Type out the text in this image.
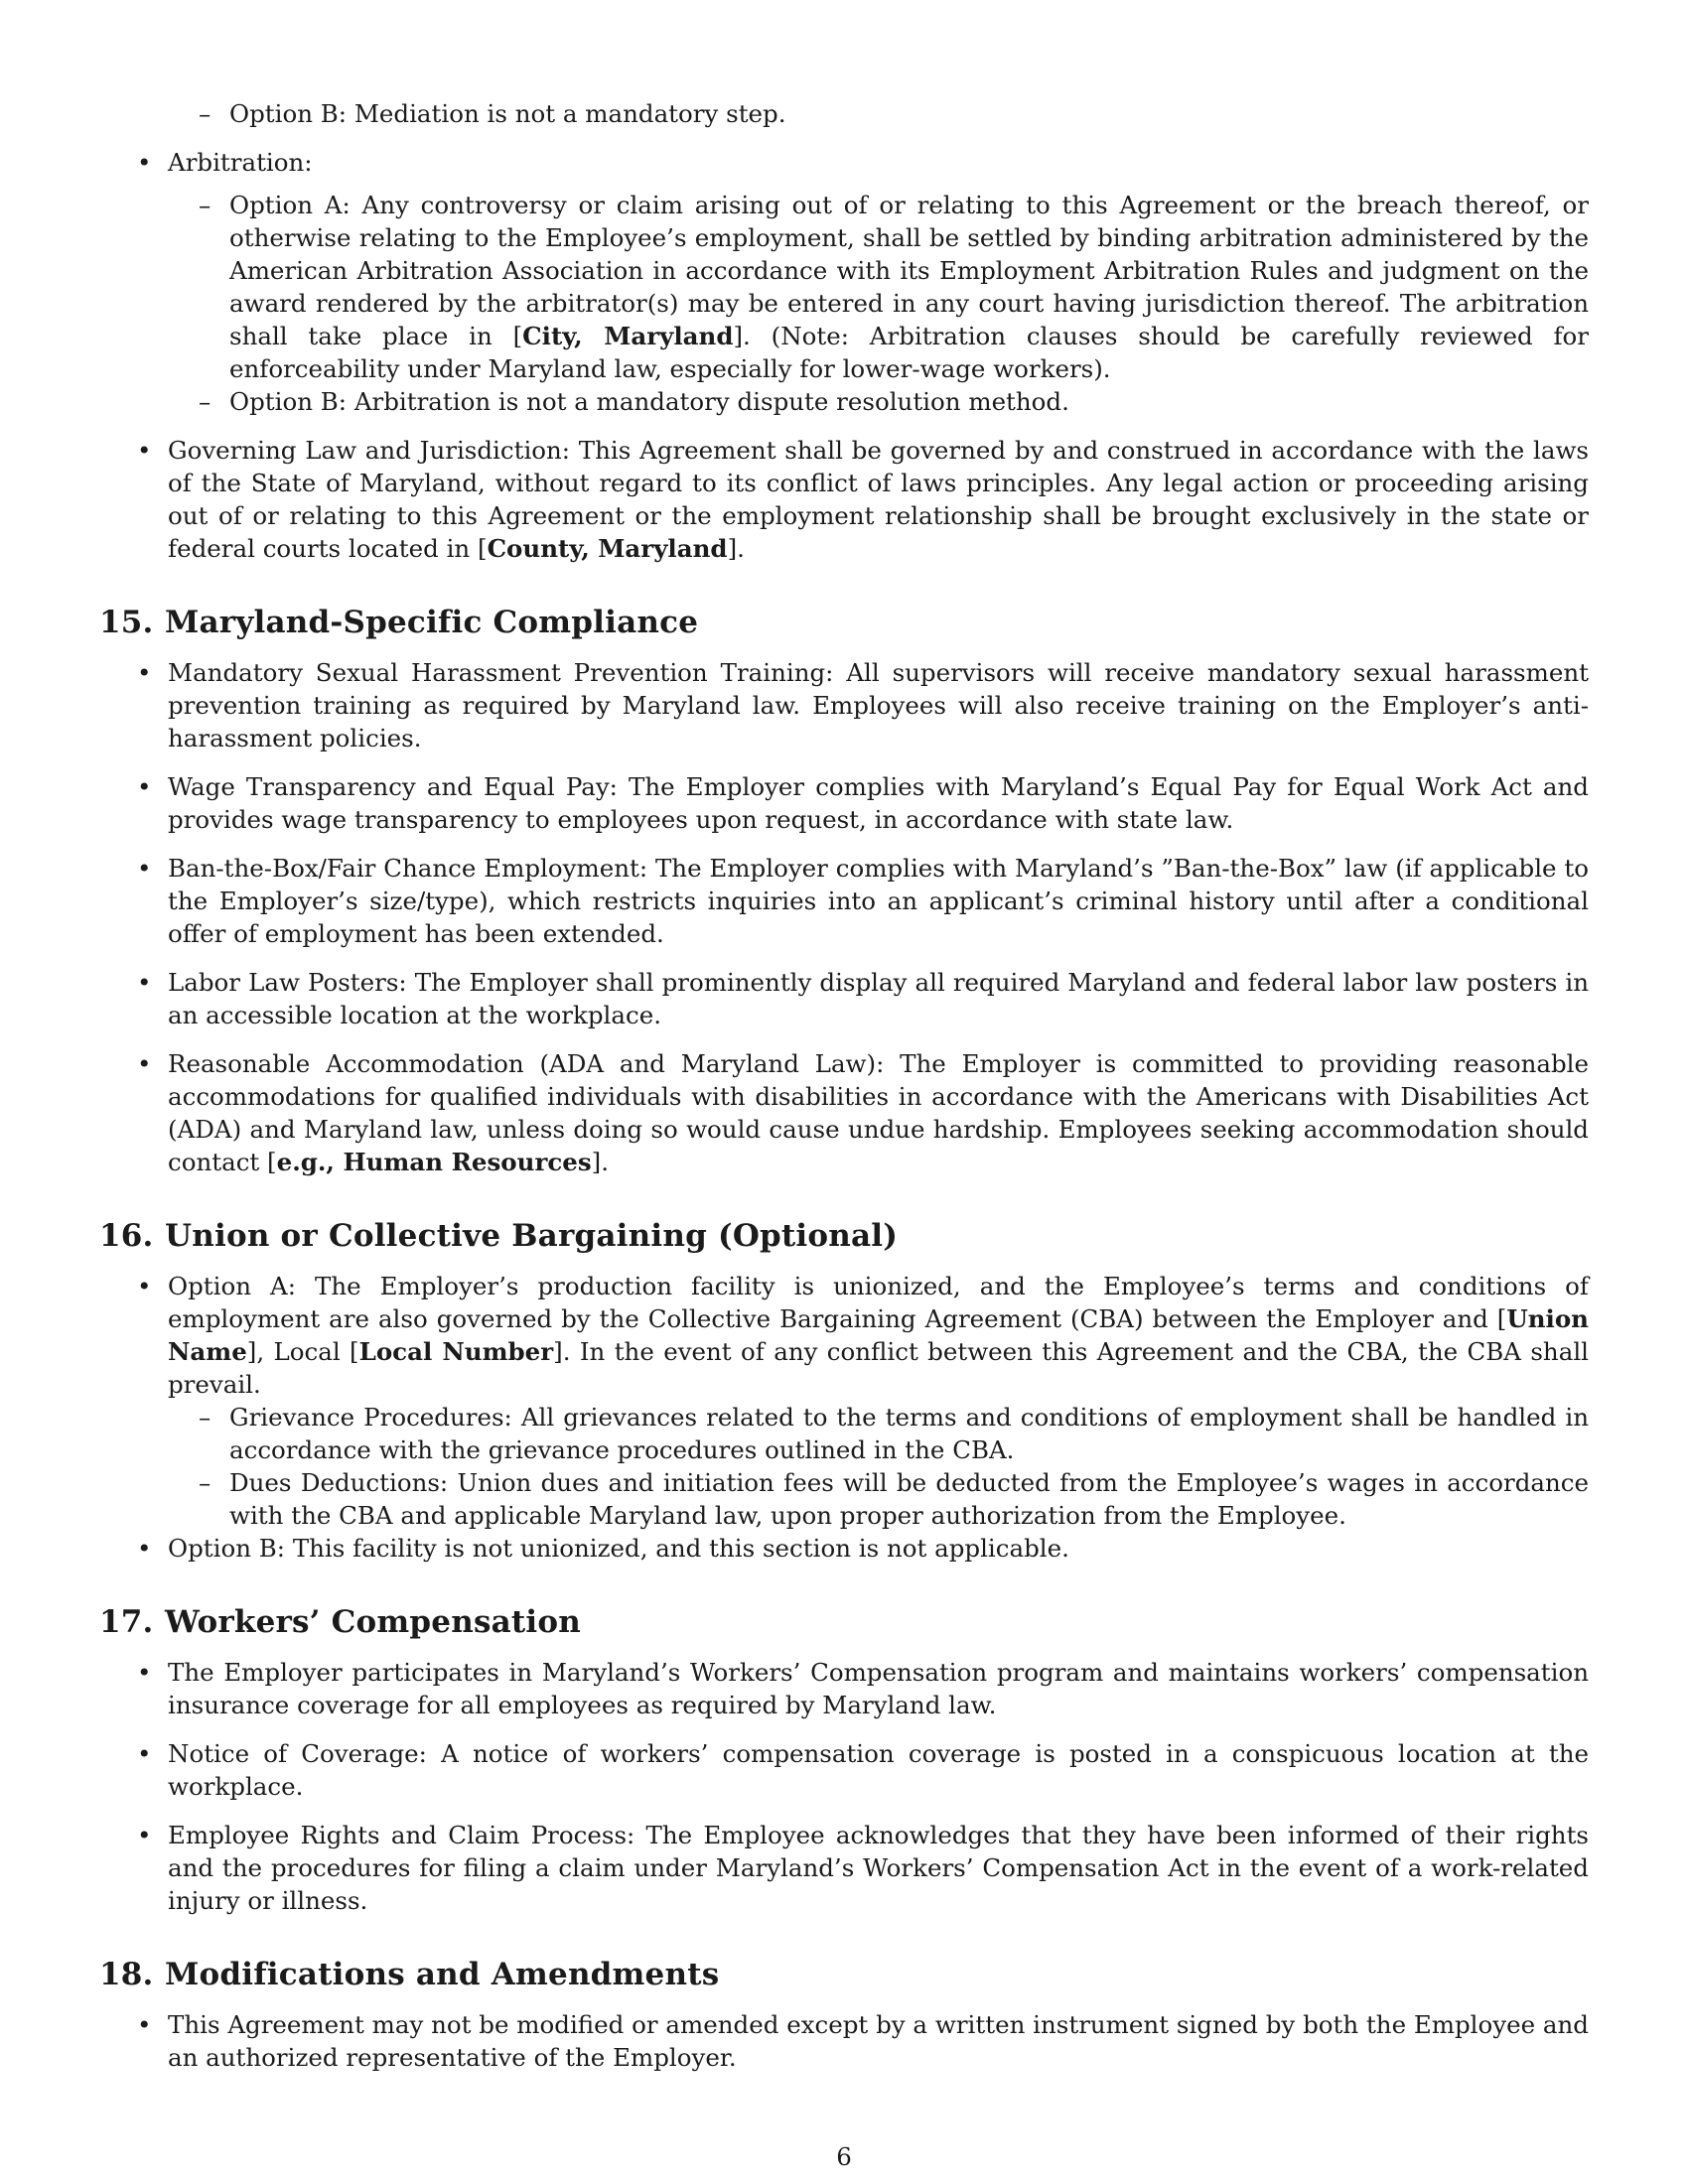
– Option B: Mediation is not a mandatory step.
• Arbitration:
– Option A: Any controversy or claim arising out of or relating to this Agreement or the breach thereof, or otherwise relating to the Employee’s employment, shall be settled by binding arbitration administered by the American Arbitration Association in accordance with its Employment Arbitration Rules and judgment on the award rendered by the arbitrator(s) may be entered in any court having jurisdiction thereof. The arbitration shall take place in [City, Maryland]. (Note: Arbitration clauses should be carefully reviewed for enforceability under Maryland law, especially for lower-wage workers).
– Option B: Arbitration is not a mandatory dispute resolution method.
• Governing Law and Jurisdiction: This Agreement shall be governed by and construed in accordance with the laws of the State of Maryland, without regard to its conflict of laws principles. Any legal action or proceeding arising out of or relating to this Agreement or the employment relationship shall be brought exclusively in the state or federal courts located in [County, Maryland].
15. Maryland-Specific Compliance
• Mandatory Sexual Harassment Prevention Training: All supervisors will receive mandatory sexual harassment prevention training as required by Maryland law. Employees will also receive training on the Employer’s anti-harassment policies.
• Wage Transparency and Equal Pay: The Employer complies with Maryland’s Equal Pay for Equal Work Act and provides wage transparency to employees upon request, in accordance with state law.
• Ban-the-Box/Fair Chance Employment: The Employer complies with Maryland’s ”Ban-the-Box” law (if applicable to the Employer’s size/type), which restricts inquiries into an applicant’s criminal history until after a conditional offer of employment has been extended.
• Labor Law Posters: The Employer shall prominently display all required Maryland and federal labor law posters in an accessible location at the workplace.
• Reasonable Accommodation (ADA and Maryland Law): The Employer is committed to providing reasonable accommodations for qualified individuals with disabilities in accordance with the Americans with Disabilities Act (ADA) and Maryland law, unless doing so would cause undue hardship. Employees seeking accommodation should contact [e.g., Human Resources].
16. Union or Collective Bargaining (Optional)
• Option A: The Employer’s production facility is unionized, and the Employee’s terms and conditions of employment are also governed by the Collective Bargaining Agreement (CBA) between the Employer and [Union Name], Local [Local Number]. In the event of any conflict between this Agreement and the CBA, the CBA shall prevail.
– Grievance Procedures: All grievances related to the terms and conditions of employment shall be handled in accordance with the grievance procedures outlined in the CBA.
– Dues Deductions: Union dues and initiation fees will be deducted from the Employee’s wages in accordance with the CBA and applicable Maryland law, upon proper authorization from the Employee.
• Option B: This facility is not unionized, and this section is not applicable.
17. Workers’ Compensation
• The Employer participates in Maryland’s Workers’ Compensation program and maintains workers’ compensation insurance coverage for all employees as required by Maryland law.
• Notice of Coverage: A notice of workers’ compensation coverage is posted in a conspicuous location at the workplace.
• Employee Rights and Claim Process: The Employee acknowledges that they have been informed of their rights and the procedures for filing a claim under Maryland’s Workers’ Compensation Act in the event of a work-related injury or illness.
18. Modifications and Amendments
• This Agreement may not be modified or amended except by a written instrument signed by both the Employee and an authorized representative of the Employer.
6
